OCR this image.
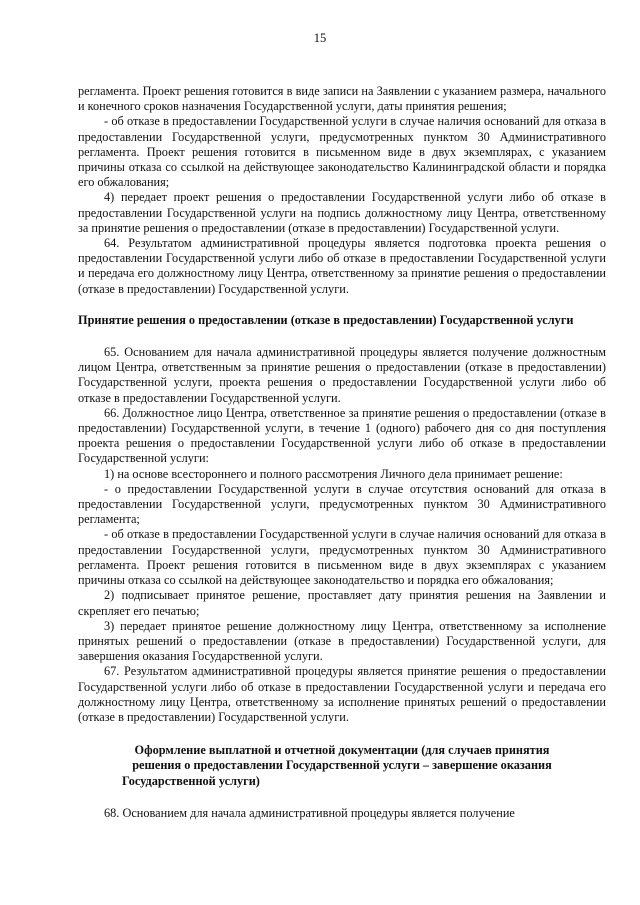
15
регламента. Проект решения готовится в виде записи на Заявлении с указанием размера, начального и конечного сроков назначения Государственной услуги, даты принятия решения;
- об отказе в предоставлении Государственной услуги в случае наличия оснований для отказа в предоставлении Государственной услуги, предусмотренных пунктом 30 Административного регламента. Проект решения готовится в письменном виде в двух экземплярах, с указанием причины отказа со ссылкой на действующее законодательство Калининградской области и порядка его обжалования;
4) передает проект решения о предоставлении Государственной услуги либо об отказе в предоставлении Государственной услуги на подпись должностному лицу Центра, ответственному за принятие решения о предоставлении (отказе в предоставлении) Государственной услуги.
64. Результатом административной процедуры является подготовка проекта решения о предоставлении Государственной услуги либо об отказе в предоставлении Государственной услуги и передача его должностному лицу Центра, ответственному за принятие решения о предоставлении (отказе в предоставлении) Государственной услуги.
Принятие решения о предоставлении (отказе в предоставлении) Государственной услуги
65. Основанием для начала административной процедуры является получение должностным лицом Центра, ответственным за принятие решения о предоставлении (отказе в предоставлении) Государственной услуги, проекта решения о предоставлении Государственной услуги либо об отказе в предоставлении Государственной услуги.
66. Должностное лицо Центра, ответственное за принятие решения о предоставлении (отказе в предоставлении) Государственной услуги, в течение 1 (одного) рабочего дня со дня поступления проекта решения о предоставлении Государственной услуги либо об отказе в предоставлении Государственной услуги:
1) на основе всестороннего и полного рассмотрения Личного дела принимает решение:
- о предоставлении Государственной услуги в случае отсутствия оснований для отказа в предоставлении Государственной услуги, предусмотренных пунктом 30 Административного регламента;
- об отказе в предоставлении Государственной услуги в случае наличия оснований для отказа в предоставлении Государственной услуги, предусмотренных пунктом 30 Административного регламента. Проект решения готовится в письменном виде в двух экземплярах с указанием причины отказа со ссылкой на действующее законодательство и порядка его обжалования;
2) подписывает принятое решение, проставляет дату принятия решения на Заявлении и скрепляет его печатью;
3) передает принятое решение должностному лицу Центра, ответственному за исполнение принятых решений о предоставлении (отказе в предоставлении) Государственной услуги, для завершения оказания Государственной услуги.
67. Результатом административной процедуры является принятие решения о предоставлении Государственной услуги либо об отказе в предоставлении Государственной услуги и передача его должностному лицу Центра, ответственному за исполнение принятых решений о предоставлении (отказе в предоставлении) Государственной услуги.
Оформление выплатной и отчетной документации (для случаев принятия решения о предоставлении Государственной услуги – завершение оказания Государственной услуги)
68. Основанием для начала административной процедуры является получение
